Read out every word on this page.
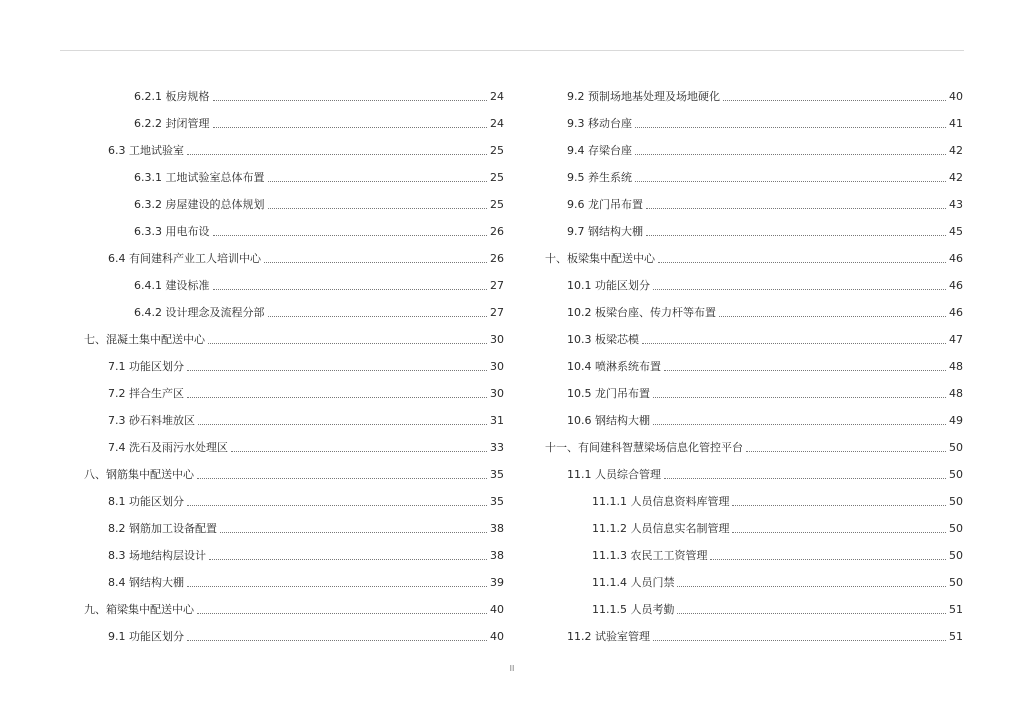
6.2.1 板房规格	24
6.2.2 封闭管理	24
6.3 工地试验室	25
6.3.1 工地试验室总体布置	25
6.3.2 房屋建设的总体规划	25
6.3.3 用电布设	26
6.4 有间建科产业工人培训中心	26
6.4.1 建设标准	27
6.4.2 设计理念及流程分部	27
七、混凝土集中配送中心	30
7.1 功能区划分	30
7.2 拌合生产区	30
7.3 砂石料堆放区	31
7.4 洗石及雨污水处理区	33
八、钢筋集中配送中心	35
8.1 功能区划分	35
8.2 钢筋加工设备配置	38
8.3 场地结构层设计	38
8.4 钢结构大棚	39
九、箱梁集中配送中心	40
9.1 功能区划分	40
9.2 预制场地基处理及场地硬化	40
9.3 移动台座	41
9.4 存梁台座	42
9.5 养生系统	42
9.6 龙门吊布置	43
9.7 钢结构大棚	45
十、板梁集中配送中心	46
10.1 功能区划分	46
10.2 板梁台座、传力杆等布置	46
10.3 板梁芯模	47
10.4 喷淋系统布置	48
10.5 龙门吊布置	48
10.6 钢结构大棚	49
十一、有间建科智慧梁场信息化管控平台	50
11.1 人员综合管理	50
11.1.1 人员信息资料库管理	50
11.1.2 人员信息实名制管理	50
11.1.3 农民工工资管理	50
11.1.4 人员门禁	50
11.1.5 人员考勤	51
11.2 试验室管理	51
II
